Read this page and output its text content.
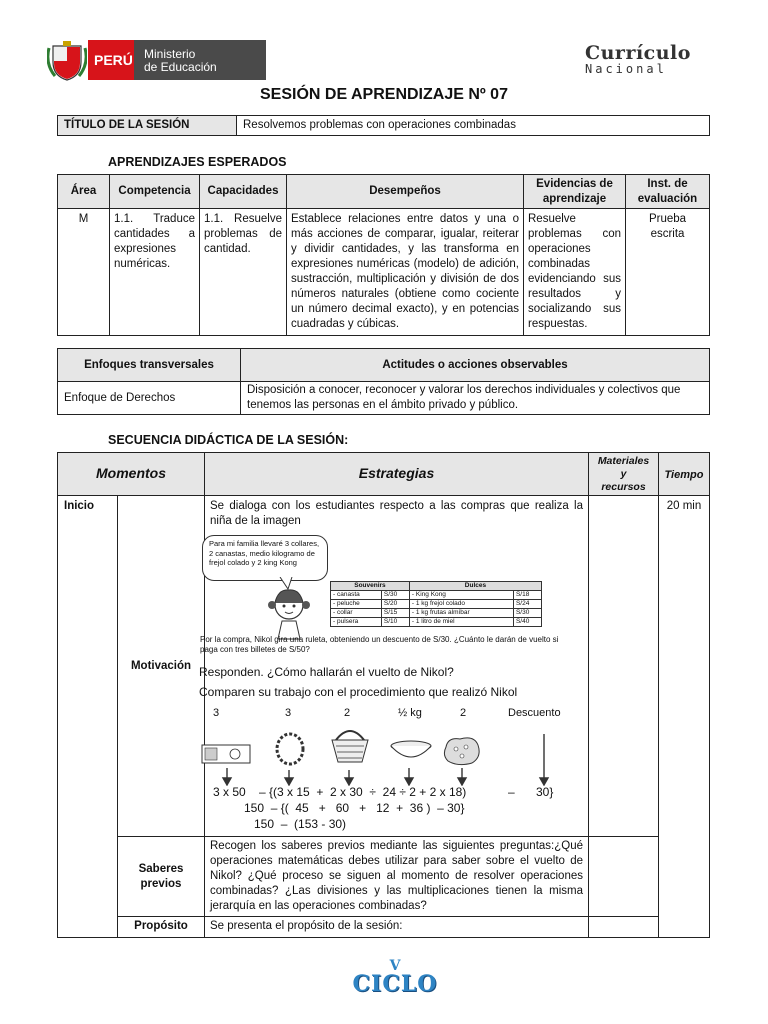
PERÚ Ministerio
de Educación
Currículo
Nacional
SESIÓN DE APRENDIZAJE Nº 07
TÍTULO DE LA SESIÓN	Resolvemos problemas con operaciones combinadas
APRENDIZAJES ESPERADOS
Área	Competencia	Capacidades	Desempeños	Evidencias de aprendizaje	Inst. de evaluación
M	1.1. Traduce cantidades a expresiones numéricas.	1.1. Resuelve problemas de cantidad.	Establece relaciones entre datos y una o más acciones de comparar, igualar, reiterar y dividir cantidades, y las transforma en expresiones numéricas (modelo) de adición, sustracción, multiplicación y división de dos números naturales (obtiene como cociente un número decimal exacto), y en potencias cuadradas y cúbicas.	Resuelve problemas con operaciones combinadas evidenciando sus resultados y socializando sus respuestas.	Prueba escrita
Enfoques transversales	Actitudes o acciones observables
Enfoque de Derechos	Disposición a conocer, reconocer y valorar los derechos individuales y colectivos que tenemos las personas en el ámbito privado y público.
SECUENCIA DIDÁCTICA DE LA SESIÓN:
Momentos		Estrategias	Materiales y recursos	Tiempo
Inicio	Motivación	Se dialoga con los estudiantes respecto a las compras que realiza la niña de la imagen		20 min
	Saberes previos	Recogen los saberes previos mediante las siguientes preguntas:¿Qué operaciones matemáticas debes utilizar para saber sobre el vuelto de Nikol? ¿Qué proceso se siguen al momento de resolver operaciones combinadas? ¿Las divisiones y las multiplicaciones tienen la misma jerarquía en las operaciones combinadas?		
	Propósito	Se presenta el propósito de la sesión:		
Para mi familia llevaré 3 collares, 2 canastas, medio kilogramo de frejol colado y 2 king Kong
Souvenirs		Dulces	
- canasta	S/30	- King Kong	S/18
- peluche	S/20	- 1 kg frejol colado	S/24
- collar	S/15	- 1 kg frutas almíbar	S/30
- pulsera	S/10	- 1 litro de miel	S/40
Por la compra, Nikol gira una ruleta, obteniendo un descuento de S/30. ¿Cuánto le darán de vuelto si paga con tres billetes de S/50?
Responden. ¿Cómo hallarán el vuelto de Nikol?
Comparen su trabajo con el procedimiento que realizó Nikol
3	3	2	½ kg	2	Descuento
3 x 50 – {(3 x 15  +  2 x 30  ÷  24 ÷ 2 + 2 x 18)	– 30}
150  – {(  45   +   60   +   12  +  36 )  – 30}
150  –  (153 - 30)
V
CICLO
